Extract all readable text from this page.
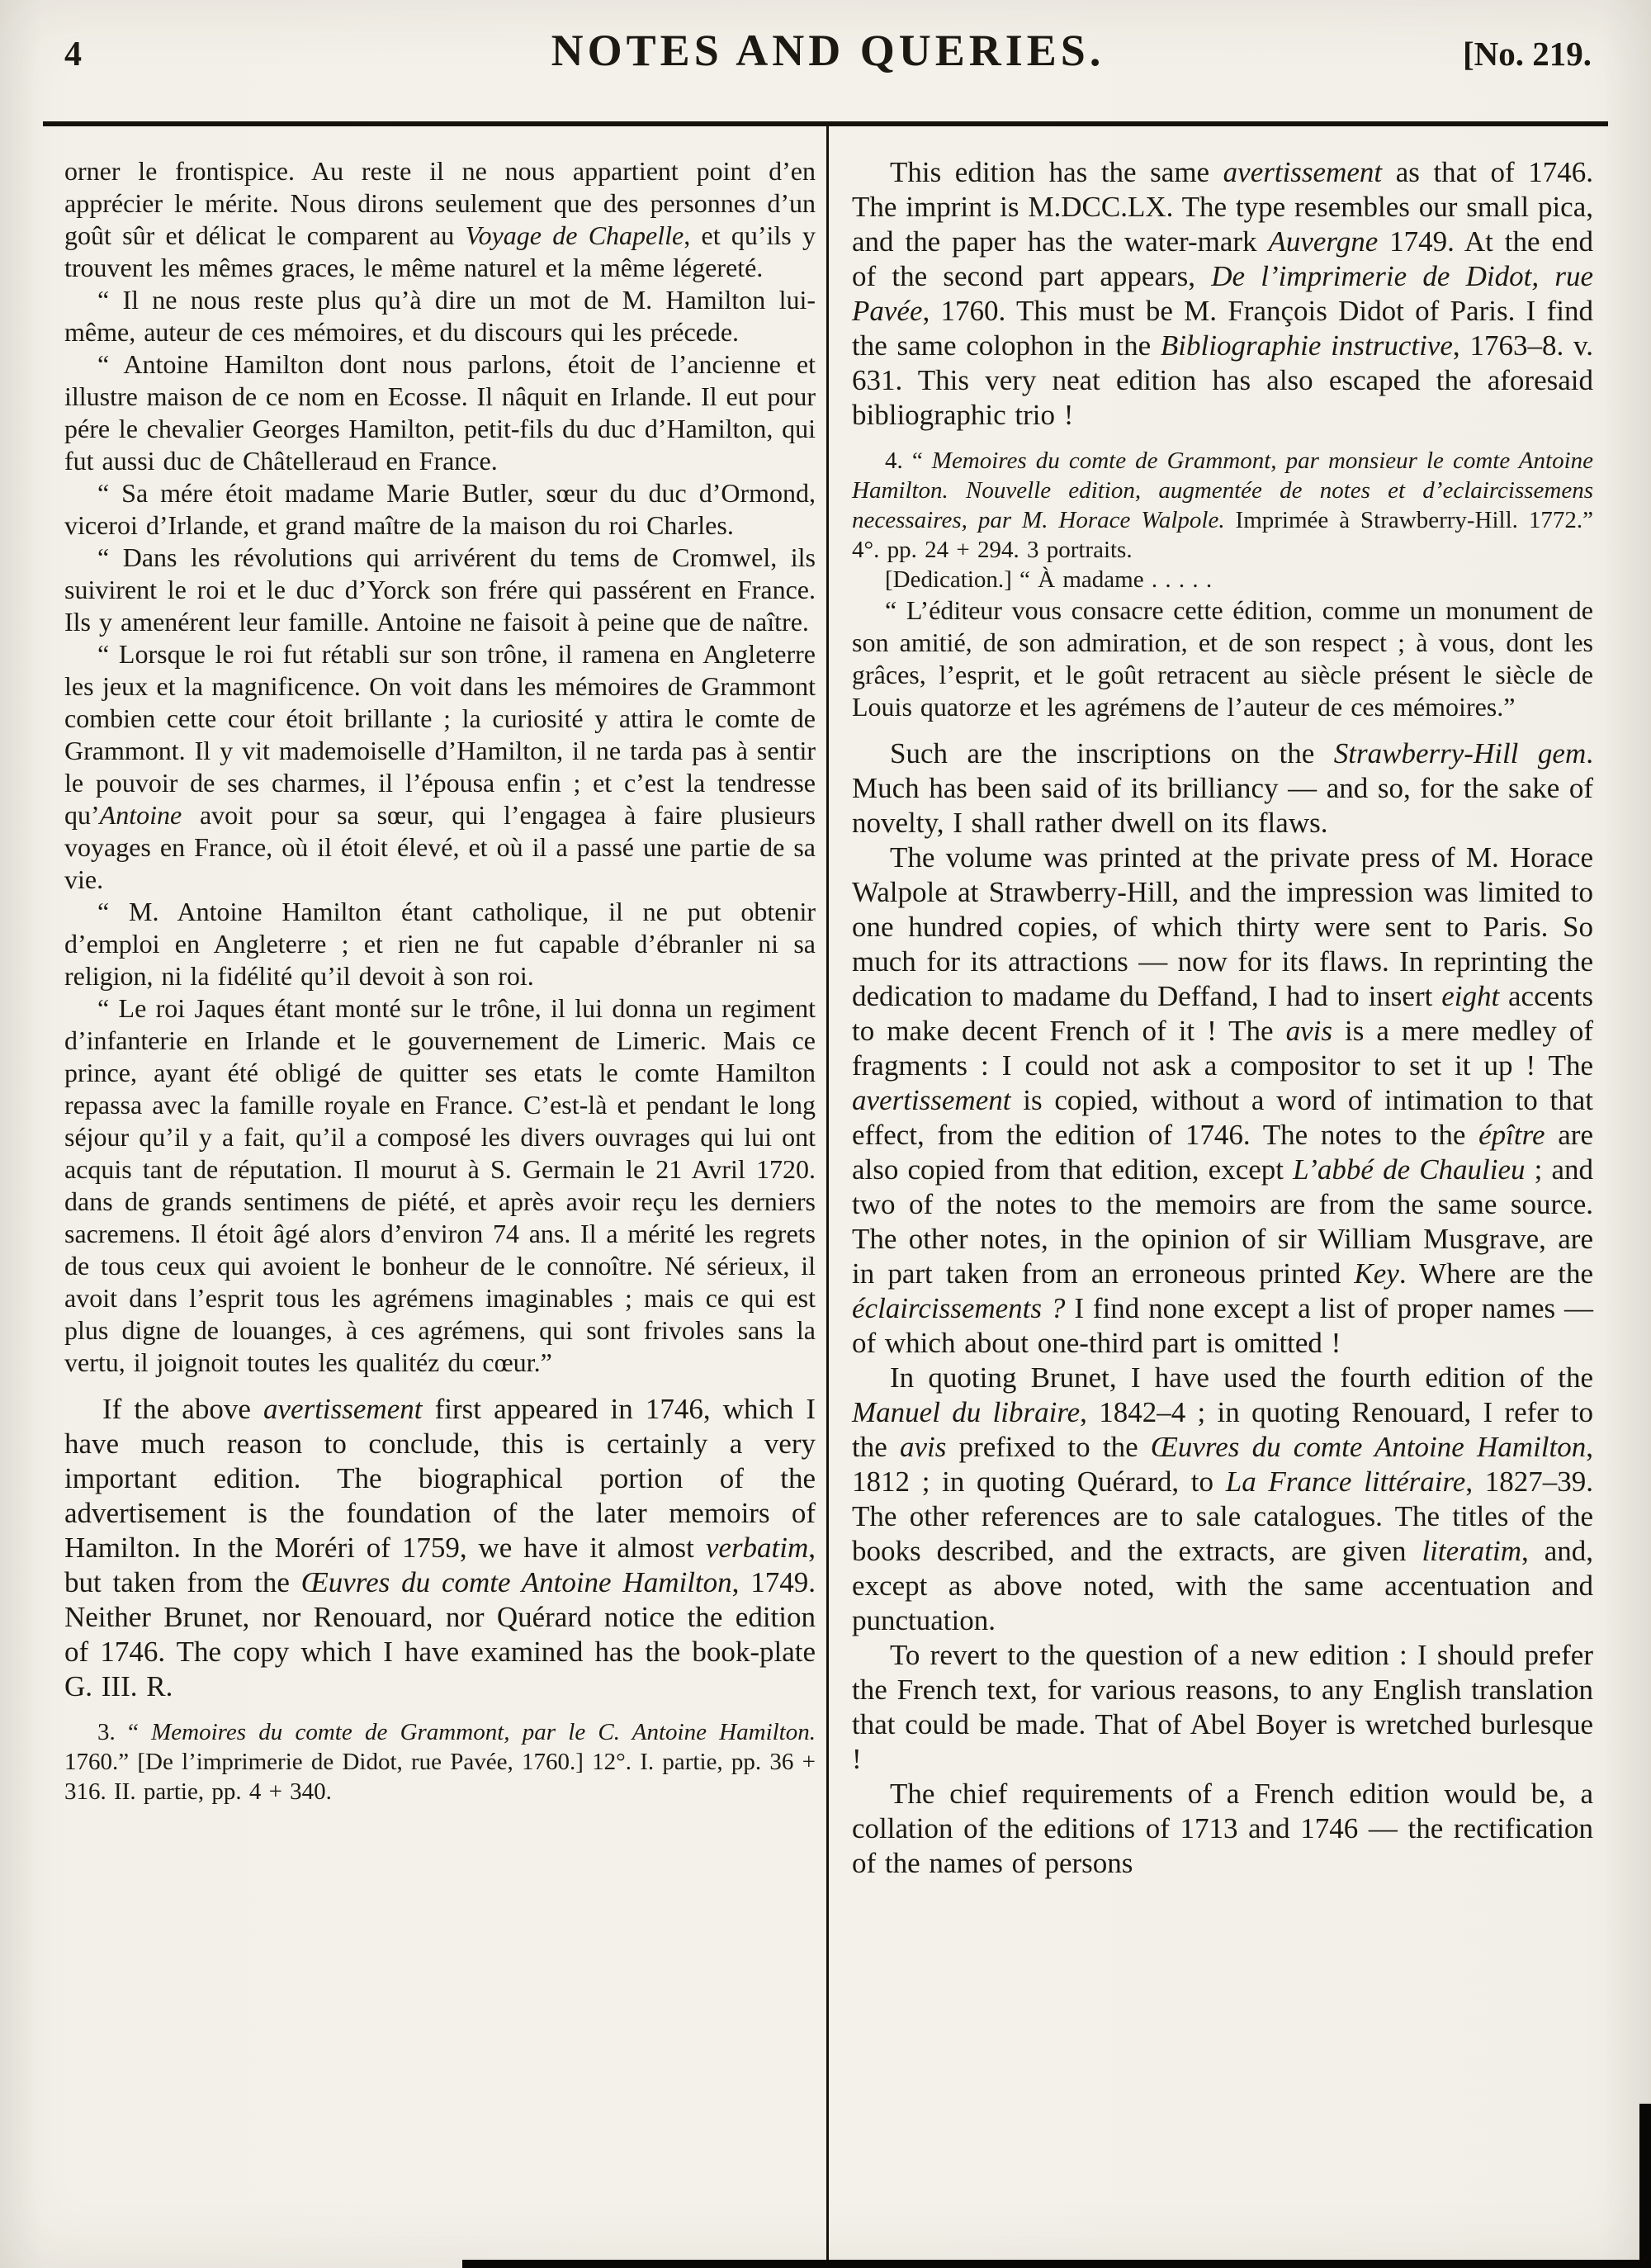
4	NOTES AND QUERIES.	[No. 219.

orner le frontispice. Au reste il ne nous appartient point d’en apprécier le mérite. Nous dirons seulement que des personnes d’un goût sûr et délicat le comparent au Voyage de Chapelle, et qu’ils y trouvent les mêmes graces, le même naturel et la même légereté.

“ Il ne nous reste plus qu’à dire un mot de M. Hamilton lui-même, auteur de ces mémoires, et du discours qui les précede.

“ Antoine Hamilton dont nous parlons, étoit de l’ancienne et illustre maison de ce nom en Ecosse. Il nâquit en Irlande. Il eut pour pére le chevalier Georges Hamilton, petit-fils du duc d’Hamilton, qui fut aussi duc de Châtelleraud en France.

“ Sa mére étoit madame Marie Butler, sœur du duc d’Ormond, viceroi d’Irlande, et grand maître de la maison du roi Charles.

“ Dans les révolutions qui arrivérent du tems de Cromwel, ils suivirent le roi et le duc d’Yorck son frére qui passérent en France. Ils y amenérent leur famille. Antoine ne faisoit à peine que de naître.

“ Lorsque le roi fut rétabli sur son trône, il ramena en Angleterre les jeux et la magnificence. On voit dans les mémoires de Grammont combien cette cour étoit brillante ; la curiosité y attira le comte de Grammont. Il y vit mademoiselle d’Hamilton, il ne tarda pas à sentir le pouvoir de ses charmes, il l’épousa enfin ; et c’est la tendresse qu’Antoine avoit pour sa sœur, qui l’engagea à faire plusieurs voyages en France, où il étoit élevé, et où il a passé une partie de sa vie.

“ M. Antoine Hamilton étant catholique, il ne put obtenir d’emploi en Angleterre ; et rien ne fut capable d’ébranler ni sa religion, ni la fidélité qu’il devoit à son roi.

“ Le roi Jaques étant monté sur le trône, il lui donna un regiment d’infanterie en Irlande et le gouvernement de Limeric. Mais ce prince, ayant été obligé de quitter ses etats le comte Hamilton repassa avec la famille royale en France. C’est-là et pendant le long séjour qu’il y a fait, qu’il a composé les divers ouvrages qui lui ont acquis tant de réputation. Il mourut à S. Germain le 21 Avril 1720. dans de grands sentimens de piété, et après avoir reçu les derniers sacremens. Il étoit âgé alors d’environ 74 ans. Il a mérité les regrets de tous ceux qui avoient le bonheur de le connoître. Né sérieux, il avoit dans l’esprit tous les agrémens imaginables ; mais ce qui est plus digne de louanges, à ces agrémens, qui sont frivoles sans la vertu, il joignoit toutes les qualitéz du cœur.”

If the above avertissement first appeared in 1746, which I have much reason to conclude, this is certainly a very important edition. The biographical portion of the advertisement is the foundation of the later memoirs of Hamilton. In the Moréri of 1759, we have it almost verbatim, but taken from the Œuvres du comte Antoine Hamilton, 1749. Neither Brunet, nor Renouard, nor Quérard notice the edition of 1746. The copy which I have examined has the book-plate G. III. R.

3. “ Memoires du comte de Grammont, par le C. Antoine Hamilton. 1760.” [De l’imprimerie de Didot, rue Pavée, 1760.] 12°. I. partie, pp. 36 + 316. II. partie, pp. 4 + 340.

This edition has the same avertissement as that of 1746. The imprint is M.DCC.LX. The type resembles our small pica, and the paper has the water-mark Auvergne 1749. At the end of the second part appears, De l’imprimerie de Didot, rue Pavée, 1760. This must be M. François Didot of Paris. I find the same colophon in the Bibliographie instructive, 1763–8. v. 631. This very neat edition has also escaped the aforesaid bibliographic trio !

4. “ Memoires du comte de Grammont, par monsieur le comte Antoine Hamilton. Nouvelle edition, augmentée de notes et d’eclaircissemens necessaires, par M. Horace Walpole. Imprimée à Strawberry-Hill. 1772.” 4°. pp. 24 + 294. 3 portraits.

[Dedication.] “ À madame . . . . .

“ L’éditeur vous consacre cette édition, comme un monument de son amitié, de son admiration, et de son respect ; à vous, dont les grâces, l’esprit, et le goût retracent au siècle présent le siècle de Louis quatorze et les agrémens de l’auteur de ces mémoires.”

Such are the inscriptions on the Strawberry-Hill gem. Much has been said of its brilliancy — and so, for the sake of novelty, I shall rather dwell on its flaws.

The volume was printed at the private press of M. Horace Walpole at Strawberry-Hill, and the impression was limited to one hundred copies, of which thirty were sent to Paris. So much for its attractions — now for its flaws. In reprinting the dedication to madame du Deffand, I had to insert eight accents to make decent French of it ! The avis is a mere medley of fragments : I could not ask a compositor to set it up ! The avertissement is copied, without a word of intimation to that effect, from the edition of 1746. The notes to the épître are also copied from that edition, except L’abbé de Chaulieu ; and two of the notes to the memoirs are from the same source. The other notes, in the opinion of sir William Musgrave, are in part taken from an erroneous printed Key. Where are the éclaircissements ? I find none except a list of proper names — of which about one-third part is omitted !

In quoting Brunet, I have used the fourth edition of the Manuel du libraire, 1842–4 ; in quoting Renouard, I refer to the avis prefixed to the Œuvres du comte Antoine Hamilton, 1812 ; in quoting Quérard, to La France littéraire, 1827–39. The other references are to sale catalogues. The titles of the books described, and the extracts, are given literatim, and, except as above noted, with the same accentuation and punctuation.

To revert to the question of a new edition : I should prefer the French text, for various reasons, to any English translation that could be made. That of Abel Boyer is wretched burlesque !

The chief requirements of a French edition would be, a collation of the editions of 1713 and 1746 — the rectification of the names of persons
